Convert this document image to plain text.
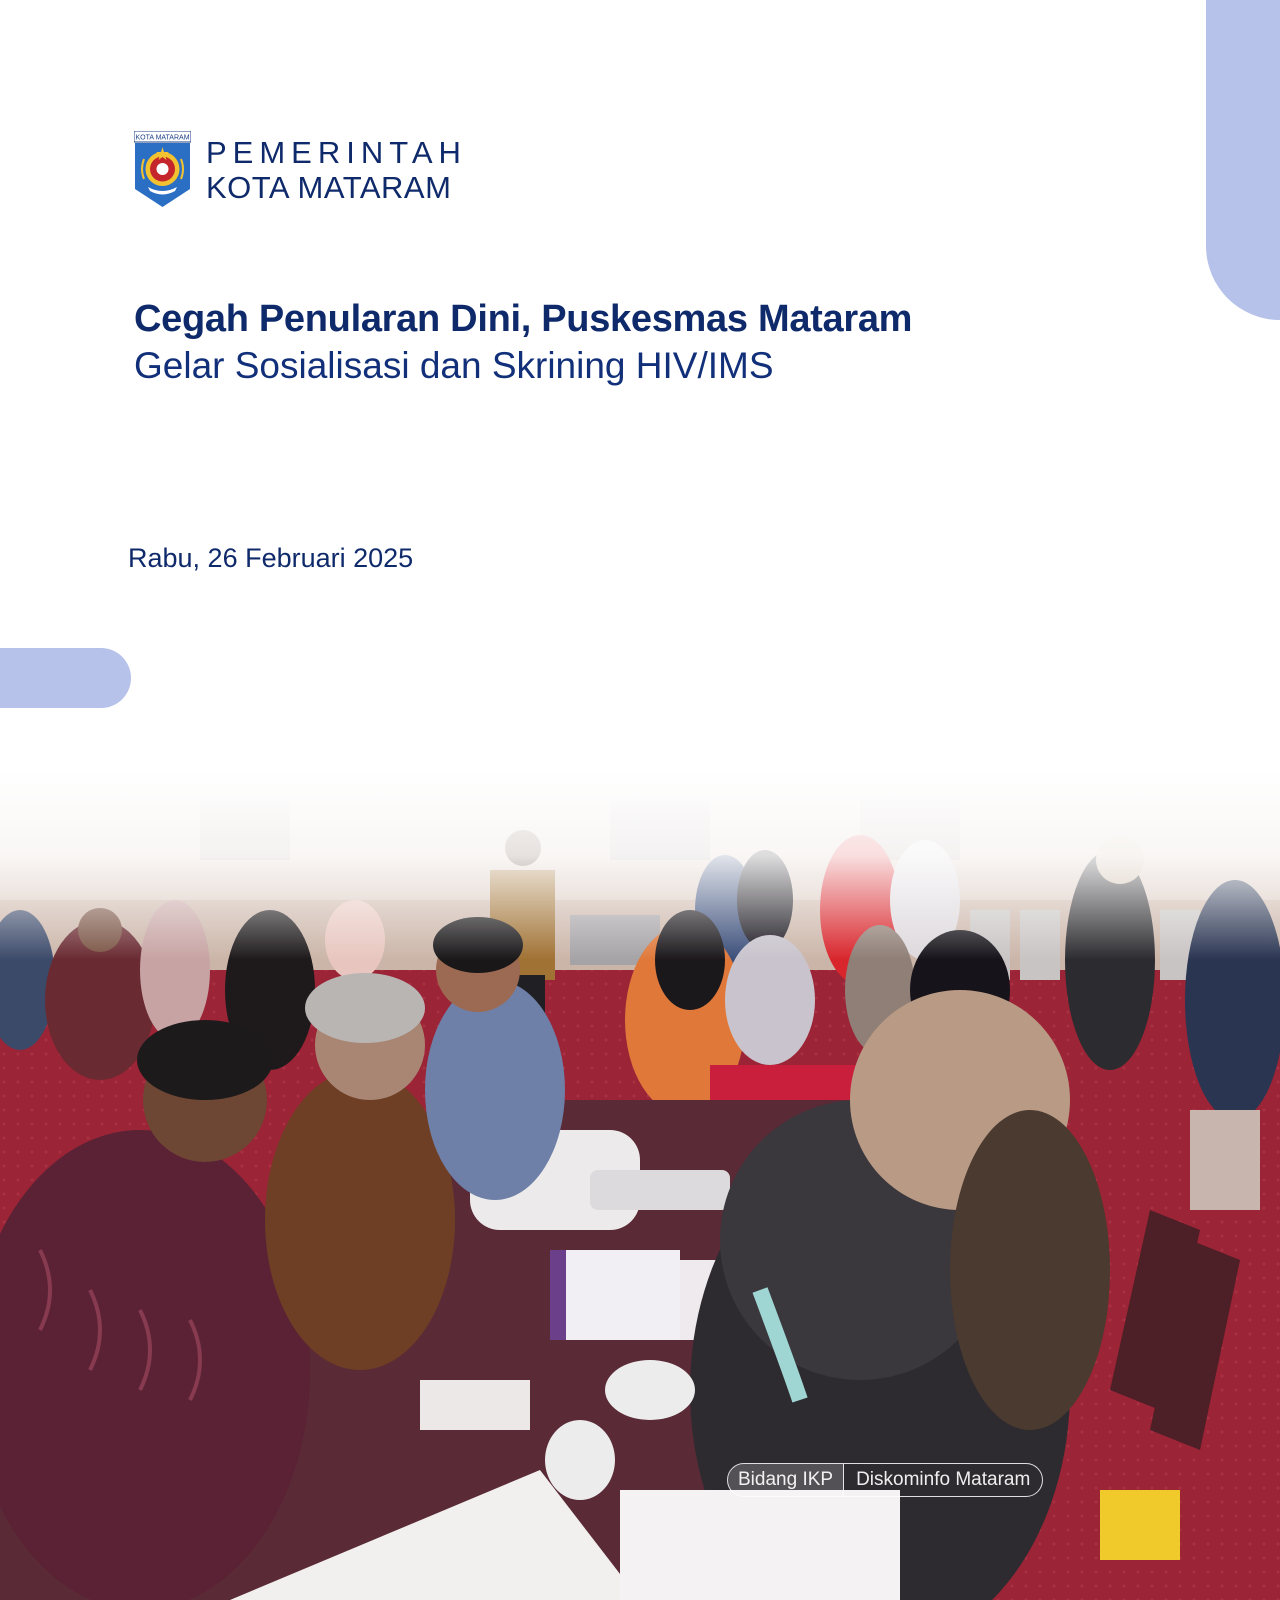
KOTA MATARAM PEMERINTAH
KOTA MATARAM
Cegah Penularan Dini, Puskesmas Mataram
Gelar Sosialisasi dan Skrining HIV/IMS
Rabu, 26 Februari 2025
Bidang IKP	Diskominfo Mataram
